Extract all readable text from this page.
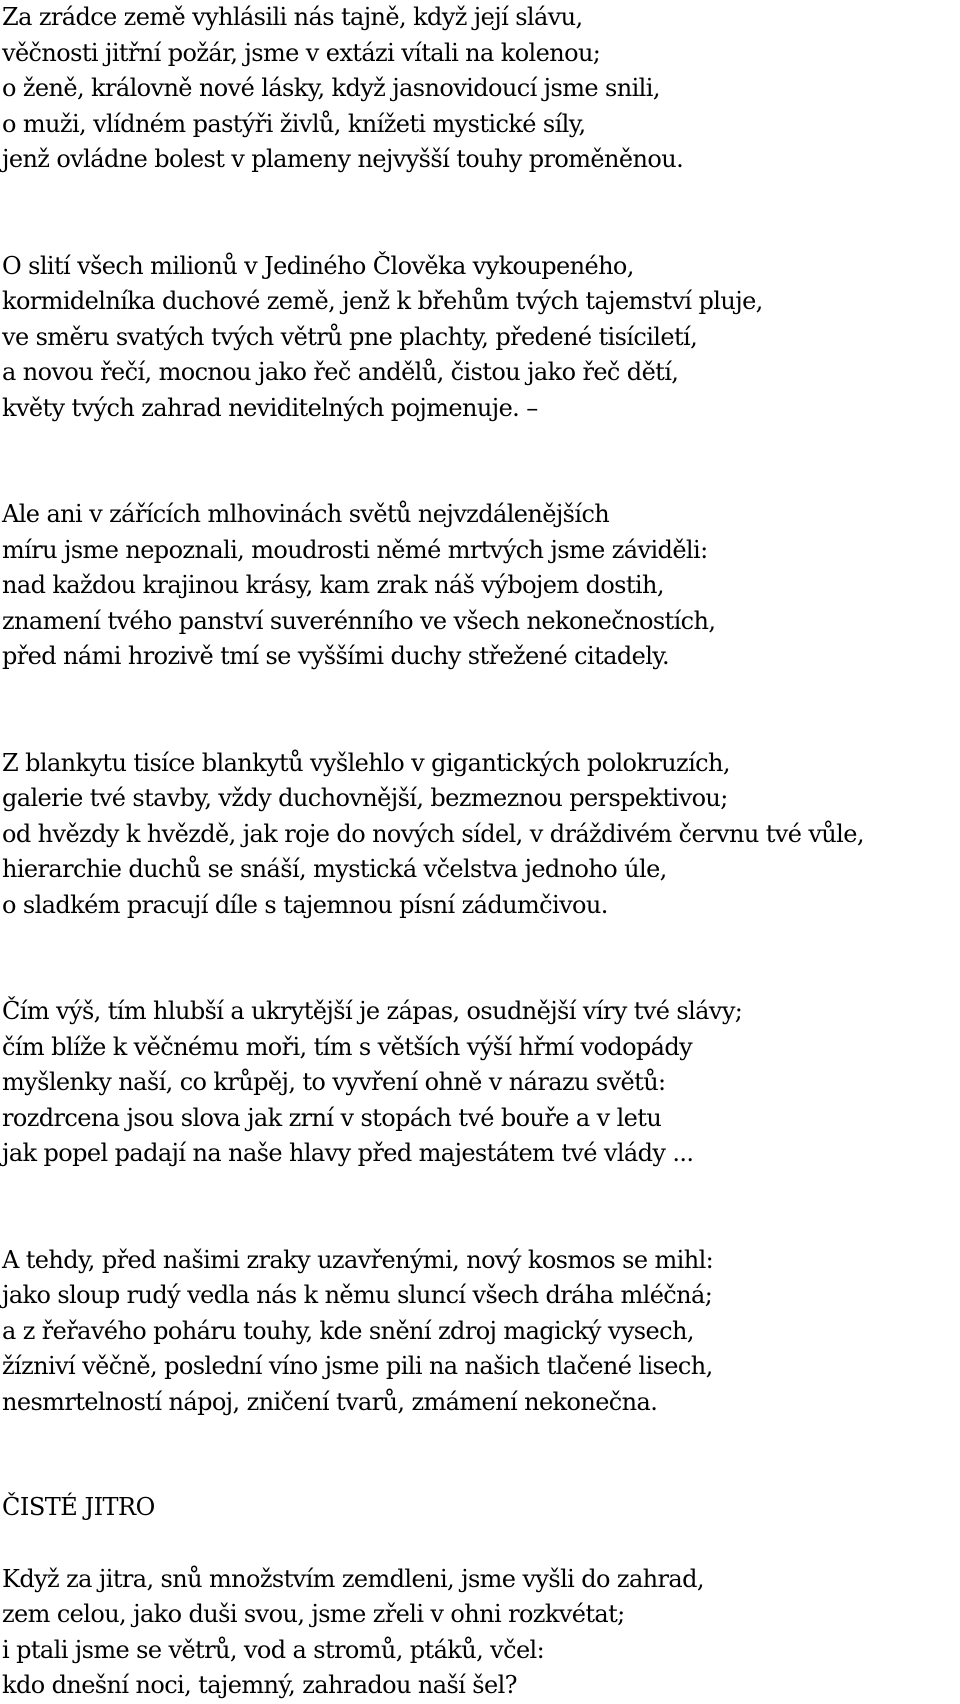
Za zrádce země vyhlásili nás tajně, když její slávu,
věčnosti jitřní požár, jsme v extázi vítali na kolenou;
o ženě, královně nové lásky, když jasnovidoucí jsme snili,
o muži, vlídném pastýři živlů, knížeti mystické síly,
jenž ovládne bolest v plameny nejvyšší touhy proměněnou.
O slití všech milionů v Jediného Člověka vykoupeného,
kormidelníka duchové země, jenž k břehům tvých tajemství pluje,
ve směru svatých tvých větrů pne plachty, předené tisíciletí,
a novou řečí, mocnou jako řeč andělů, čistou jako řeč dětí,
květy tvých zahrad neviditelných pojmenuje. –
Ale ani v zářících mlhovinách světů nejvzdálenějších
míru jsme nepoznali, moudrosti němé mrtvých jsme záviděli:
nad každou krajinou krásy, kam zrak náš výbojem dostih,
znamení tvého panství suverénního ve všech nekonečnostích,
před námi hrozivě tmí se vyššími duchy střežené citadely.
Z blankytu tisíce blankytů vyšlehlo v gigantických polokruzích,
galerie tvé stavby, vždy duchovnější, bezmeznou perspektivou;
od hvězdy k hvězdě, jak roje do nových sídel, v dráždivém červnu tvé vůle,
hierarchie duchů se snáší, mystická včelstva jednoho úle,
o sladkém pracují díle s tajemnou písní zádumčivou.
Čím výš, tím hlubší a ukrytější je zápas, osudnější víry tvé slávy;
čím blíže k věčnému moři, tím s větších výší hřmí vodopády
myšlenky naší, co krůpěj, to vyvření ohně v nárazu světů:
rozdrcena jsou slova jak zrní v stopách tvé bouře a v letu
jak popel padají na naše hlavy před majestátem tvé vlády ...
A tehdy, před našimi zraky uzavřenými, nový kosmos se mihl:
jako sloup rudý vedla nás k němu sluncí všech dráha mléčná;
a z řeřavého poháru touhy, kde snění zdroj magický vysech,
žízniví věčně, poslední víno jsme pili na našich tlačené lisech,
nesmrtelností nápoj, zničení tvarů, zmámení nekonečna.
ČISTÉ JITRO
Když za jitra, snů množstvím zemdleni, jsme vyšli do zahrad,
zem celou, jako duši svou, jsme zřeli v ohni rozkvétat;
i ptali jsme se větrů, vod a stromů, ptáků, včel:
kdo dnešní noci, tajemný, zahradou naší šel?
